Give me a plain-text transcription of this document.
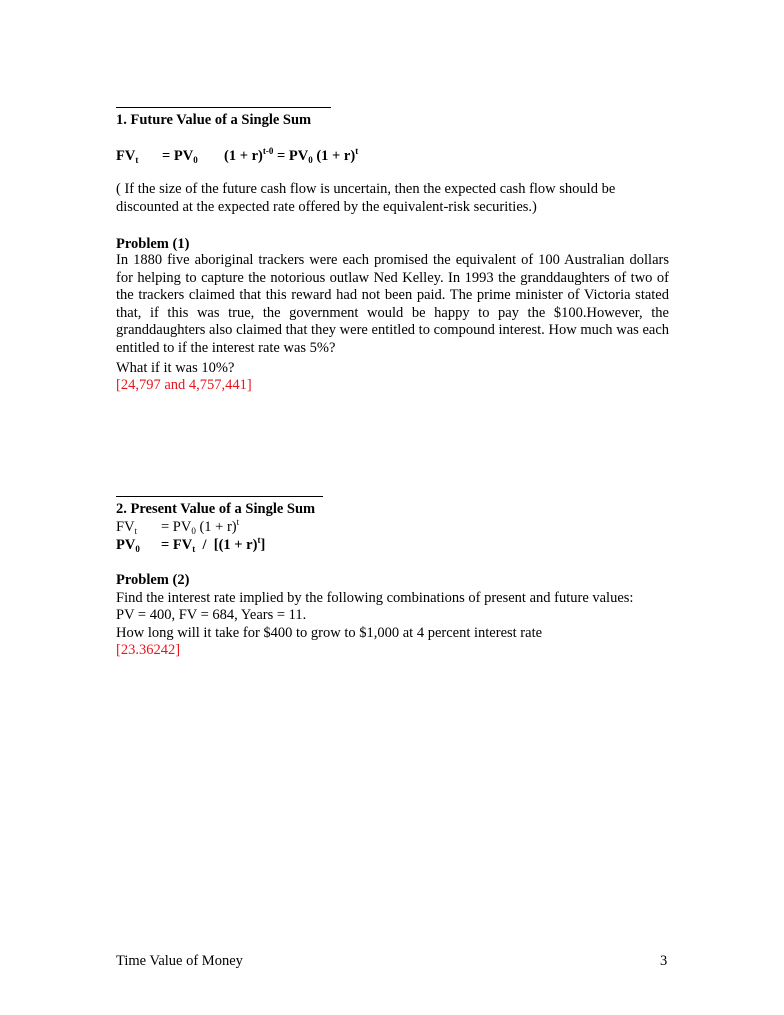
1. Future Value of a Single Sum
$FV_t = PV_0$ $(1 + r)^{t-0} = PV_0$ $(1 + r)^t$
( If the size of the future cash flow is uncertain, then the expected cash flow should be discounted at the expected rate offered by the equivalent-risk securities.)
Problem (1)
In 1880 five aboriginal trackers were each promised the equivalent of 100 Australian dollars for helping to capture the notorious outlaw Ned Kelley. In 1993 the granddaughters of two of the trackers claimed that this reward had not been paid. The prime minister of Victoria stated that, if this was true, the government would be happy to pay the $100.However, the granddaughters also claimed that they were entitled to compound interest. How much was each entitled to if the interest rate was 5%?
What if it was 10%?
[24,797 and 4,757,441]
2. Present Value of a Single Sum
$FV_t = PV_0$ $(1 + r)^t$
$PV_0 = FV_t / [(1 + r)^t]$
Problem (2)
Find the interest rate implied by the following combinations of present and future values:
PV = 400, FV = 684, Years = 11.
How long will it take for $400 to grow to $1,000 at 4 percent interest rate
[23.36242]
Time Value of Money	3
